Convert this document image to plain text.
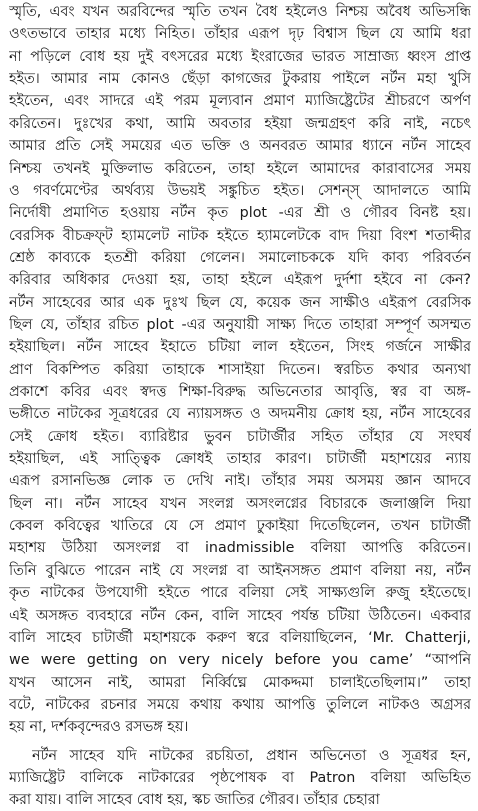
স্মৃতি, এবং যখন অরবিন্দের স্মৃতি তখন বৈধ হইলেও নিশ্চয় অবৈধ অভিসন্ধি
ওৎতভাবে তাহার মধ্যে নিহিত। তাঁহার এরূপ দৃঢ় বিশ্বাস ছিল যে আমি ধরা
না পড়িলে বোধ হয় দুই বৎসরের মধ্যে ইংরাজের ভারত সাম্রাজ্য ধ্বংস প্রাপ্ত
হইত। আমার নাম কোনও ছেঁড়া কাগজের টুকরায় পাইলে নর্টন মহা খুসি
হইতেন, এবং সাদরে এই পরম মূল্যবান প্রমাণ ম্যাজিষ্ট্রেটের শ্রীচরণে অর্পণ
করিতেন। দুঃখের কথা, আমি অবতার হইয়া জন্মগ্রহণ করি নাই, নচেৎ
আমার প্রতি সেই সময়ের এত ভক্তি ও অনবরত আমার ধ্যানে নর্টন সাহেব
নিশ্চয় তখনই মুক্তিলাভ করিতেন, তাহা হইলে আমাদের কারাবাসের সময়
ও গবর্ণমেণ্টের অর্থব্যয় উভয়ই সঙ্কুচিত হইত। সেশন্স্ আদালতে আমি
নির্দোষী প্রমাণিত হওয়ায় নর্টন কৃত plot -এর শ্রী ও গৌরব বিনষ্ট হয়।
বেরসিক বীচক্রফ্‌ট হ্যামলেট নাটক হইতে হ্যামলেটকে বাদ দিয়া বিংশ শতাব্দীর
শ্রেষ্ঠ কাব্যকে হতশ্রী করিয়া গেলেন। সমালোচককে যদি কাব্য পরিবর্তন
করিবার অধিকার দেওয়া হয়, তাহা হইলে এইরূপ দুর্দশা হইবে না কেন?
নর্টন সাহেবের আর এক দুঃখ ছিল যে, কয়েক জন সাক্ষীও এইরূপ বেরসিক
ছিল যে, তাঁহার রচিত plot -এর অনুযায়ী সাক্ষ্য দিতে তাহারা সম্পূর্ণ অসম্মত
হইয়াছিল। নর্টন সাহেব ইহাতে চটিয়া লাল হইতেন, সিংহ গর্জনে সাক্ষীর
প্রাণ বিকম্পিত করিয়া তাহাকে শাসাইয়া দিতেন। স্বরচিত কথার অন্যথা
প্রকাশে কবির এবং স্বদত্ত শিক্ষা-বিরুদ্ধ অভিনেতার আবৃত্তি, স্বর বা অঙ্গ-
ভঙ্গীতে নাটকের সূত্রধরের যে ন্যায়সঙ্গত ও অদমনীয় ক্রোধ হয়, নর্টন সাহেবের
সেই ক্রোধ হইত। ব্যারিষ্টার ভুবন চাটার্জীর সহিত তাঁহার যে সংঘর্ষ
হইয়াছিল, এই সাত্ত্বিক ক্রোধই তাহার কারণ। চাটার্জী মহাশয়ের ন্যায়
এরূপ রসানভিজ্ঞ লোক ত দেখি নাই। তাঁহার সময় অসময় জ্ঞান আদবে
ছিল না। নর্টন সাহেব যখন সংলগ্ন অসংলগ্নের বিচারকে জলাঞ্জলি দিয়া
কেবল কবিত্বের খাতিরে যে সে প্রমাণ ঢুকাইয়া দিতেছিলেন, তখন চাটার্জী
মহাশয় উঠিয়া অসংলগ্ন বা inadmissible বলিয়া আপত্তি করিতেন।
তিনি বুঝিতে পারেন নাই যে সংলগ্ন বা আইনসঙ্গত প্রমাণ বলিয়া নয়, নর্টন
কৃত নাটকের উপযোগী হইতে পারে বলিয়া সেই সাক্ষ্যগুলি রুজু হইতেছে।
এই অসঙ্গত ব্যবহারে নর্টন কেন, বালি সাহেব পর্যন্ত চটিয়া উঠিতেন। একবার
বালি সাহেব চাটার্জী মহাশয়কে করুণ স্বরে বলিয়াছিলেন, ‘Mr. Chatterji,
we were getting on very nicely before you came’ “আপনি
যখন আসেন নাই, আমরা নির্ব্বিঘ্নে মোকদ্দমা চালাইতেছিলাম।” তাহা
বটে, নাটকের রচনার সময়ে কথায় কথায় আপত্তি তুলিলে নাটকও অগ্রসর
হয় না, দর্শকবৃন্দেরও রসভঙ্গ হয়।
নর্টন সাহেব যদি নাটকের রচয়িতা, প্রধান অভিনেতা ও সূত্রধর হন,
ম্যাজিষ্ট্রেট বালিকে নাটকারের পৃষ্ঠপোষক বা Patron বলিয়া অভিহিত
করা যায়। বালি সাহেব বোধ হয়, স্কচ জাতির গৌরব। তাঁহার চেহারা
